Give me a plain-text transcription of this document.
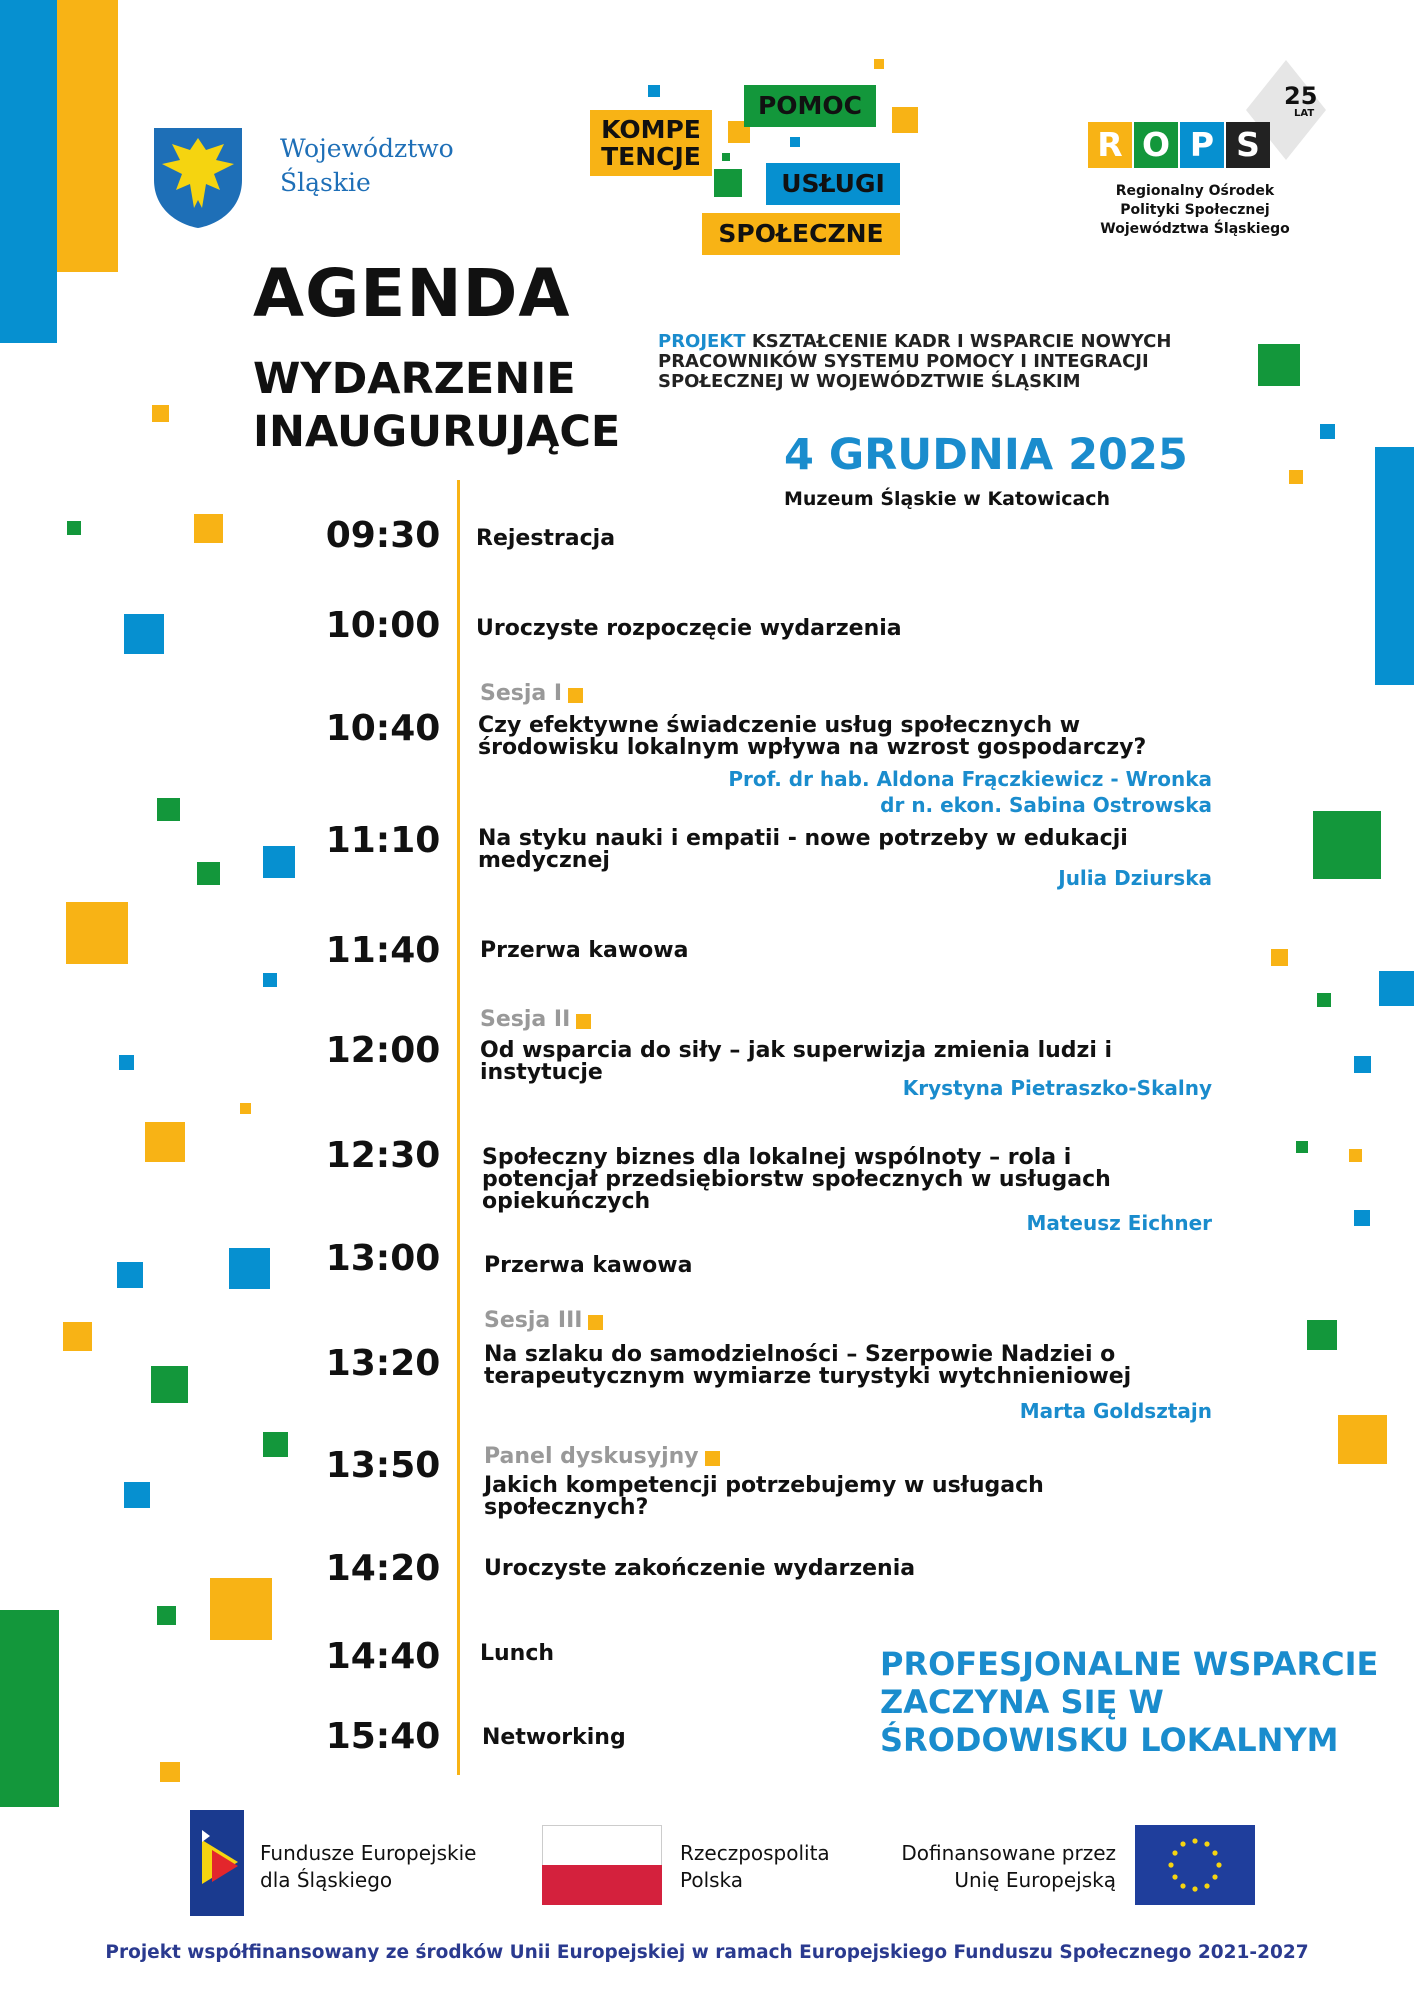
Województwo
Śląskie
POMOC
KOMPE
TENCJE
USŁUGI
SPOŁECZNE
25
LAT
R O P S
Regionalny Ośrodek
Polityki Społecznej
Województwa Śląskiego
AGENDA
WYDARZENIE
INAUGURUJĄCE
PROJEKT KSZTAŁCENIE KADR I WSPARCIE NOWYCH PRACOWNIKÓW SYSTEMU POMOCY I INTEGRACJI SPOŁECZNEJ W WOJEWÓDZTWIE ŚLĄSKIM
4 GRUDNIA 2025
Muzeum Śląskie w Katowicach
09:30	Rejestracja
10:00	Uroczyste rozpoczęcie wydarzenia
Sesja I
10:40	Czy efektywne świadczenie usług społecznych w
środowisku lokalnym wpływa na wzrost gospodarczy?
Prof. dr hab. Aldona Frączkiewicz - Wronka
dr n. ekon. Sabina Ostrowska
11:10	Na styku nauki i empatii - nowe potrzeby w edukacji
medycznej
Julia Dziurska
11:40	Przerwa kawowa
Sesja II
12:00	Od wsparcia do siły – jak superwizja zmienia ludzi i
instytucje
Krystyna Pietraszko-Skalny
12:30	Społeczny biznes dla lokalnej wspólnoty – rola i
potencjał przedsiębiorstw społecznych w usługach
opiekuńczych
Mateusz Eichner
13:00	Przerwa kawowa
Sesja III
13:20	Na szlaku do samodzielności – Szerpowie Nadziei o
terapeutycznym wymiarze turystyki wytchnieniowej
Marta Goldsztajn
Panel dyskusyjny
13:50	Jakich kompetencji potrzebujemy w usługach
społecznych?
14:20	Uroczyste zakończenie wydarzenia
14:40	Lunch
15:40	Networking
PROFESJONALNE WSPARCIE
ZACZYNA SIĘ W
ŚRODOWISKU LOKALNYM
Fundusze Europejskie
dla Śląskiego
Rzeczpospolita
Polska
Dofinansowane przez
Unię Europejską
Projekt współfinansowany ze środków Unii Europejskiej w ramach Europejskiego Funduszu Społecznego 2021-2027
